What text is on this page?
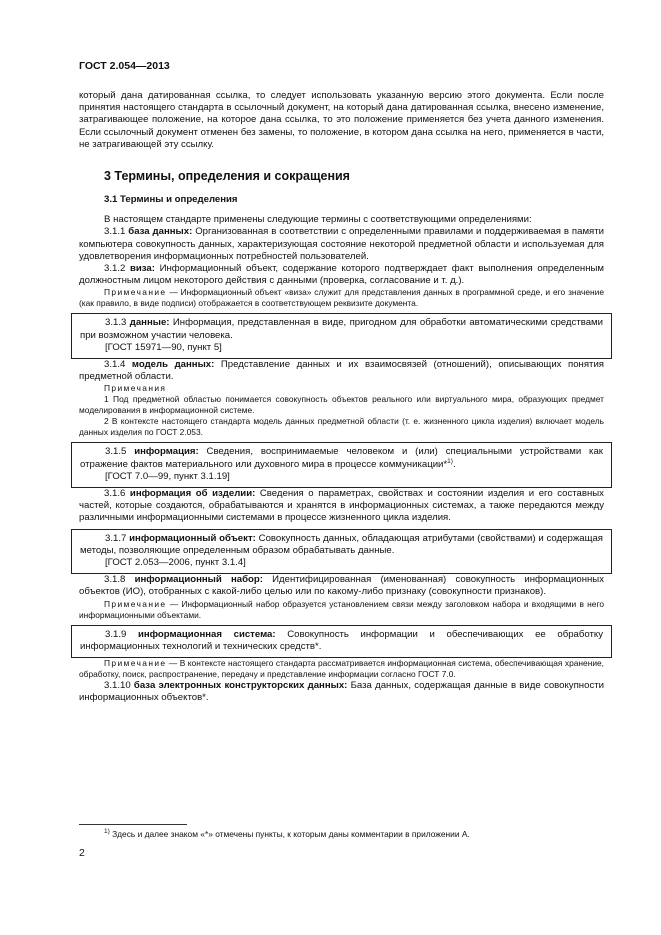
ГОСТ 2.054—2013

который дана датированная ссылка, то следует использовать указанную версию этого документа. Если после принятия настоящего стандарта в ссылочный документ, на который дана датированная ссылка, внесено изменение, затрагивающее положение, на которое дана ссылка, то это положение применяется без учета данного изменения. Если ссылочный документ отменен без замены, то положение, в котором дана ссылка на него, применяется в части, не затрагивающей эту ссылку.

3 Термины, определения и сокращения
3.1 Термины и определения

В настоящем стандарте применены следующие термины с соответствующими определениями:

3.1.1 база данных: Организованная в соответствии с определенными правилами и поддерживаемая в памяти компьютера совокупность данных, характеризующая состояние некоторой предметной области и используемая для удовлетворения информационных потребностей пользователей.

3.1.2 виза: Информационный объект, содержание которого подтверждает факт выполнения определенным должностным лицом некоторого действия с данными (проверка, согласование и т. д.).

Примечание — Информационный объект «виза» служит для представления данных в программной среде, и его значение (как правило, в виде подписи) отображается в соответствующем реквизите документа.

3.1.3 данные: Информация, представленная в виде, пригодном для обработки автоматическими средствами при возможном участии человека.

[ГОСТ 15971—90, пункт 5]

3.1.4 модель данных: Представление данных и их взаимосвязей (отношений), описывающих понятия предметной области.

Примечания

1 Под предметной областью понимается совокупность объектов реального или виртуального мира, образующих предмет моделирования в информационной системе.

2 В контексте настоящего стандарта модель данных предметной области (т. е. жизненного цикла изделия) включает модель данных изделия по ГОСТ 2.053.

3.1.5 информация: Сведения, воспринимаемые человеком и (или) специальными устройствами как отражение фактов материального или духовного мира в процессе коммуникации*$^{1)}$.

[ГОСТ 7.0—99, пункт 3.1.19]

3.1.6 информация об изделии: Сведения о параметрах, свойствах и состоянии изделия и его составных частей, которые создаются, обрабатываются и хранятся в информационных системах, а также передаются между различными информационными системами в процессе жизненного цикла изделия.

3.1.7 информационный объект: Совокупность данных, обладающая атрибутами (свойствами) и содержащая методы, позволяющие определенным образом обрабатывать данные.

[ГОСТ 2.053—2006, пункт 3.1.4]

3.1.8 информационный набор: Идентифицированная (именованная) совокупность информационных объектов (ИО), отобранных с какой-либо целью или по какому-либо признаку (совокупности признаков).

Примечание — Информационный набор образуется установлением связи между заголовком набора и входящими в него информационными объектами.

3.1.9 информационная система: Совокупность информации и обеспечивающих ее обработку информационных технологий и технических средств*.

Примечание — В контексте настоящего стандарта рассматривается информационная система, обеспечивающая хранение, обработку, поиск, распространение, передачу и представление информации согласно ГОСТ 7.0.

3.1.10 база электронных конструкторских данных: База данных, содержащая данные в виде совокупности информационных объектов*.

$^{1)}$ Здесь и далее знаком «*» отмечены пункты, к которым даны комментарии в приложении А.
2
